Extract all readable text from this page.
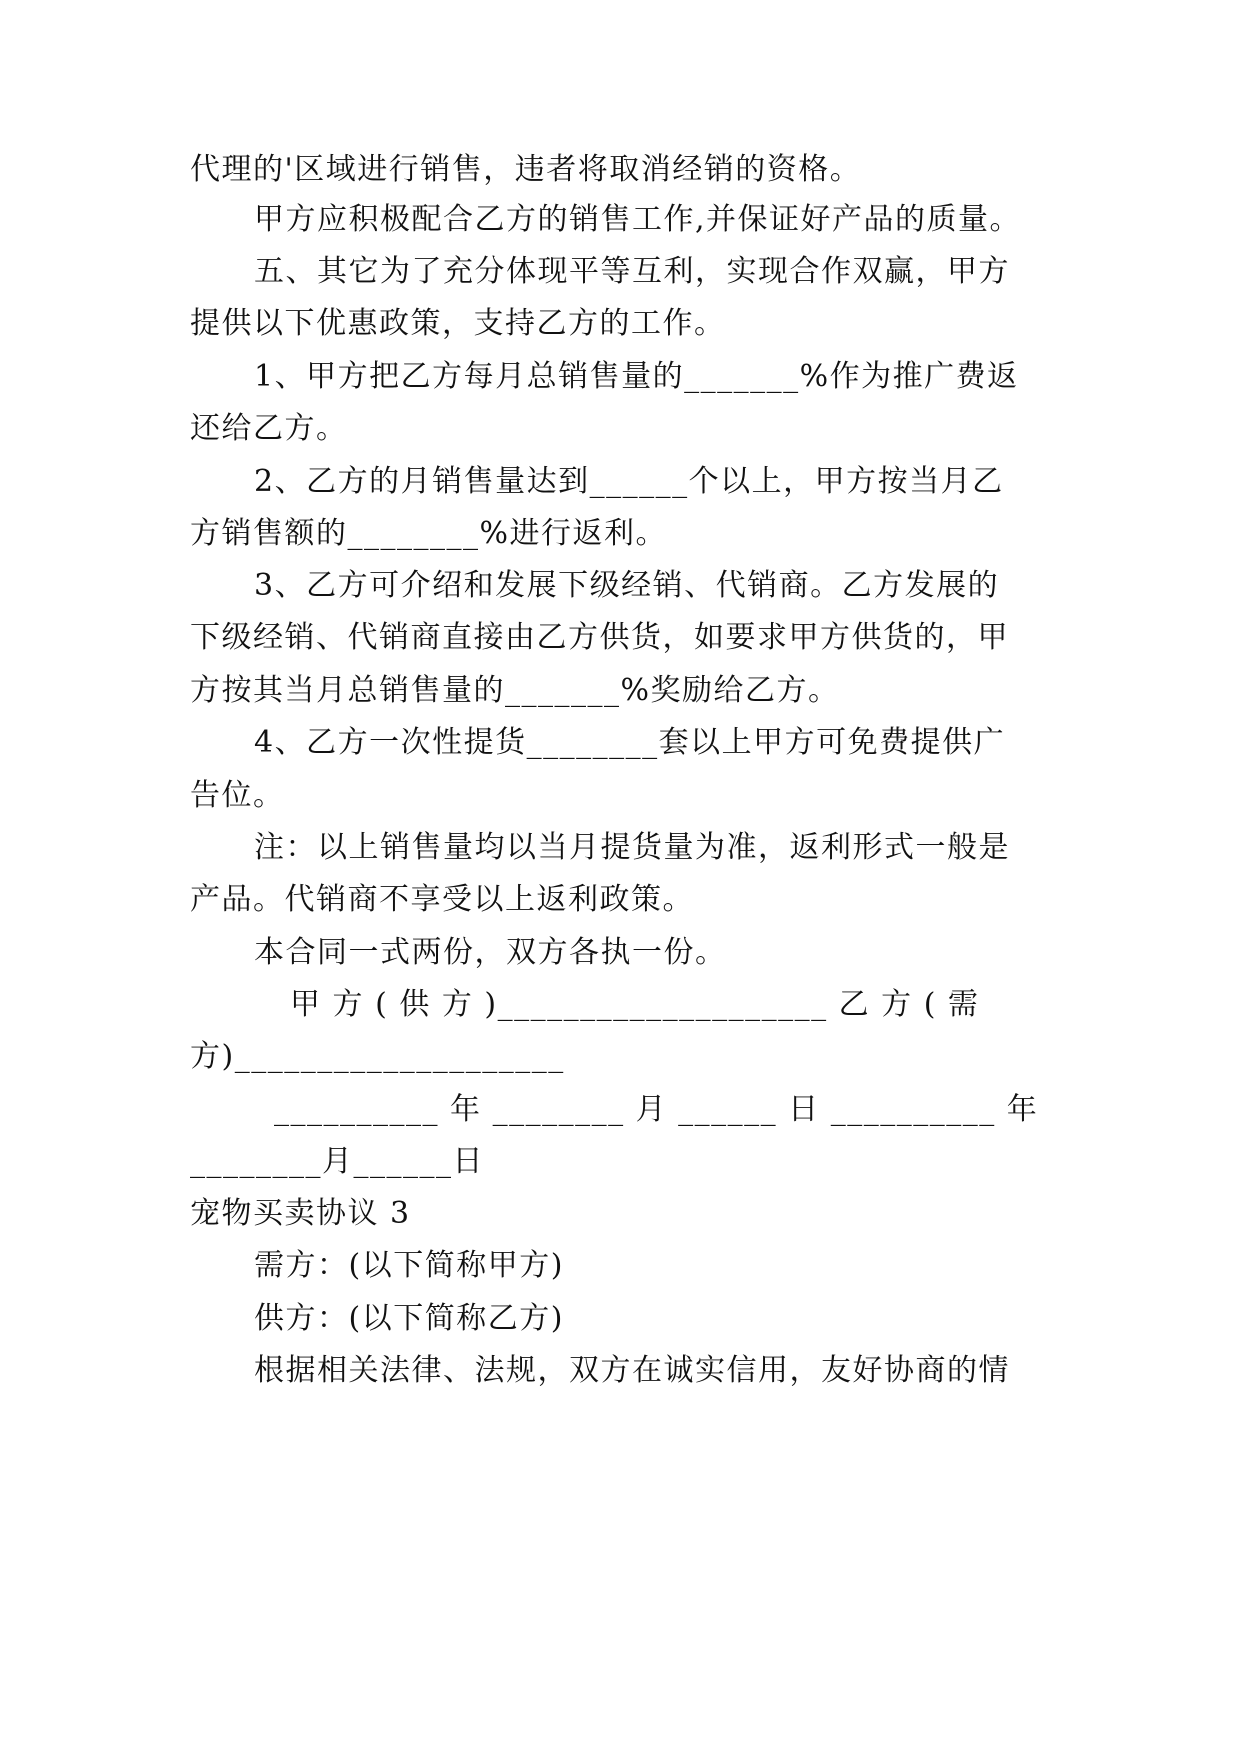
代理的'区域进行销售，违者将取消经销的资格。
甲方应积极配合乙方的销售工作,并保证好产品的质量。
五、其它为了充分体现平等互利，实现合作双赢，甲方
提供以下优惠政策，支持乙方的工作。
1、甲方把乙方每月总销售量的_______%作为推广费返
还给乙方。
2、乙方的月销售量达到______个以上，甲方按当月乙
方销售额的________%进行返利。
3、乙方可介绍和发展下级经销、代销商。乙方发展的
下级经销、代销商直接由乙方供货，如要求甲方供货的，甲
方按其当月总销售量的_______%奖励给乙方。
4、乙方一次性提货________套以上甲方可免费提供广
告位。
注：以上销售量均以当月提货量为准，返利形式一般是
产品。代销商不享受以上返利政策。
本合同一式两份，双方各执一份。
甲 方 ( 供 方 )____________________ 乙 方 ( 需
方)____________________
__________ 年 ________ 月 ______ 日 __________ 年
________月______日
宠物买卖协议 3
需方：(以下简称甲方)
供方：(以下简称乙方)
根据相关法律、法规，双方在诚实信用，友好协商的情
